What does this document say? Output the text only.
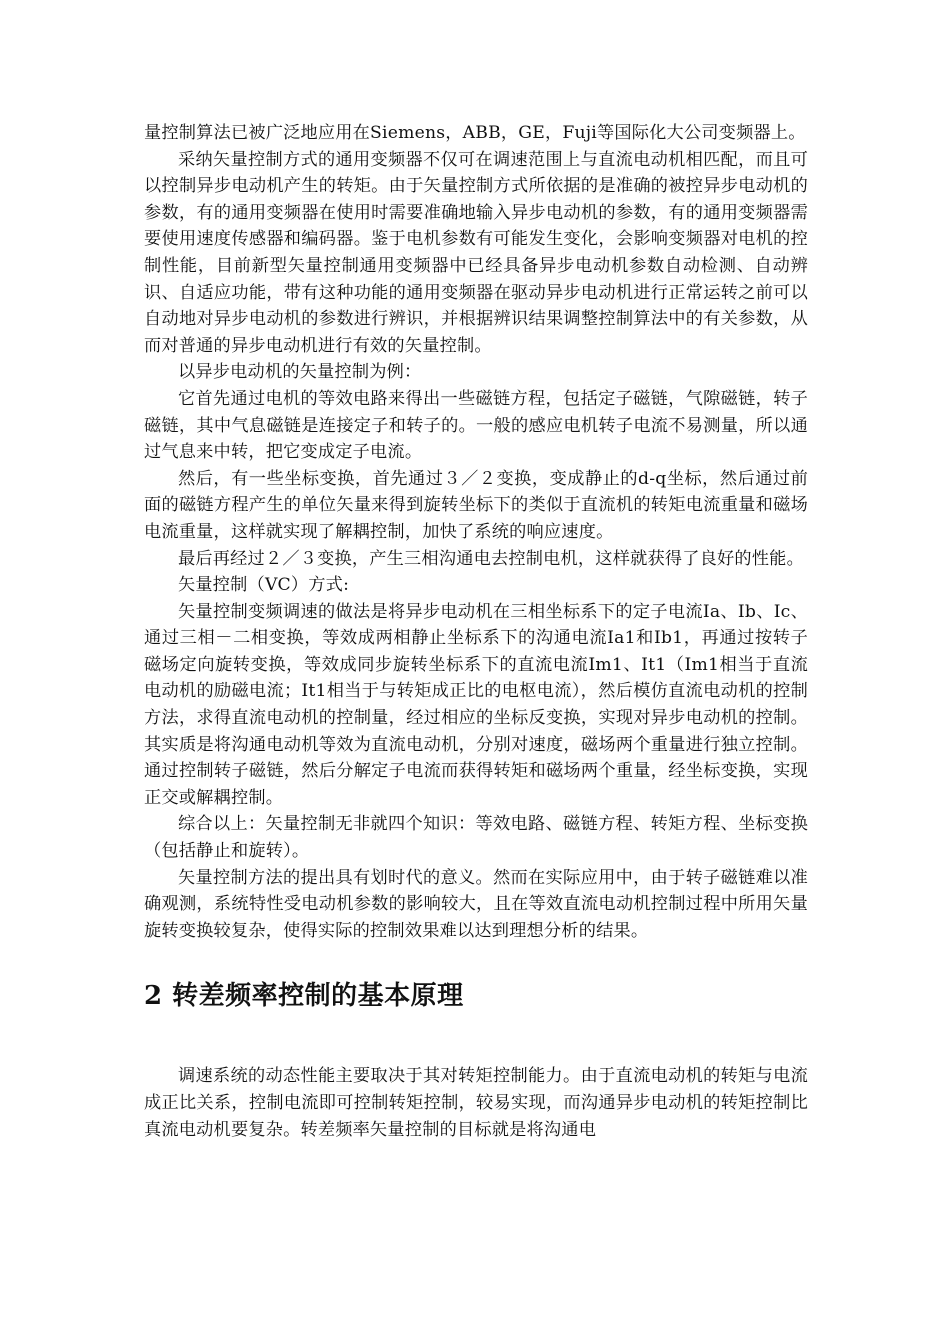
量控制算法已被广泛地应用在Siemens，ABB，GE，Fuji等国际化大公司变频器上。

采纳矢量控制方式的通用变频器不仅可在调速范围上与直流电动机相匹配，而且可以控制异步电动机产生的转矩。由于矢量控制方式所依据的是准确的被控异步电动机的参数，有的通用变频器在使用时需要准确地输入异步电动机的参数，有的通用变频器需要使用速度传感器和编码器。鉴于电机参数有可能发生变化，会影响变频器对电机的控制性能，目前新型矢量控制通用变频器中已经具备异步电动机参数自动检测、自动辨识、自适应功能，带有这种功能的通用变频器在驱动异步电动机进行正常运转之前可以自动地对异步电动机的参数进行辨识，并根据辨识结果调整控制算法中的有关参数，从而对普通的异步电动机进行有效的矢量控制。

以异步电动机的矢量控制为例：

它首先通过电机的等效电路来得出一些磁链方程，包括定子磁链，气隙磁链，转子磁链，其中气息磁链是连接定子和转子的。一般的感应电机转子电流不易测量，所以通过气息来中转，把它变成定子电流。

然后，有一些坐标变换，首先通过３／２变换，变成静止的d-q坐标，然后通过前面的磁链方程产生的单位矢量来得到旋转坐标下的类似于直流机的转矩电流重量和磁场电流重量，这样就实现了解耦控制，加快了系统的响应速度。

最后再经过２／３变换，产生三相沟通电去控制电机，这样就获得了良好的性能。

矢量控制（VC）方式:

矢量控制变频调速的做法是将异步电动机在三相坐标系下的定子电流Ia、Ib、Ic、通过三相－二相变换，等效成两相静止坐标系下的沟通电流Ia1和Ib1，再通过按转子磁场定向旋转变换，等效成同步旋转坐标系下的直流电流Im1、It1（Im1相当于直流电动机的励磁电流；It1相当于与转矩成正比的电枢电流），然后模仿直流电动机的控制方法，求得直流电动机的控制量，经过相应的坐标反变换，实现对异步电动机的控制。其实质是将沟通电动机等效为直流电动机，分别对速度，磁场两个重量进行独立控制。通过控制转子磁链，然后分解定子电流而获得转矩和磁场两个重量，经坐标变换，实现正交或解耦控制。

综合以上：矢量控制无非就四个知识：等效电路、磁链方程、转矩方程、坐标变换（包括静止和旋转）。

矢量控制方法的提出具有划时代的意义。然而在实际应用中，由于转子磁链难以准确观测，系统特性受电动机参数的影响较大，且在等效直流电动机控制过程中所用矢量旋转变换较复杂，使得实际的控制效果难以达到理想分析的结果。

2 转差频率控制的基本原理

调速系统的动态性能主要取决于其对转矩控制能力。由于直流电动机的转矩与电流成正比关系，控制电流即可控制转矩控制，较易实现，而沟通异步电动机的转矩控制比真流电动机要复杂。转差频率矢量控制的目标就是将沟通电
